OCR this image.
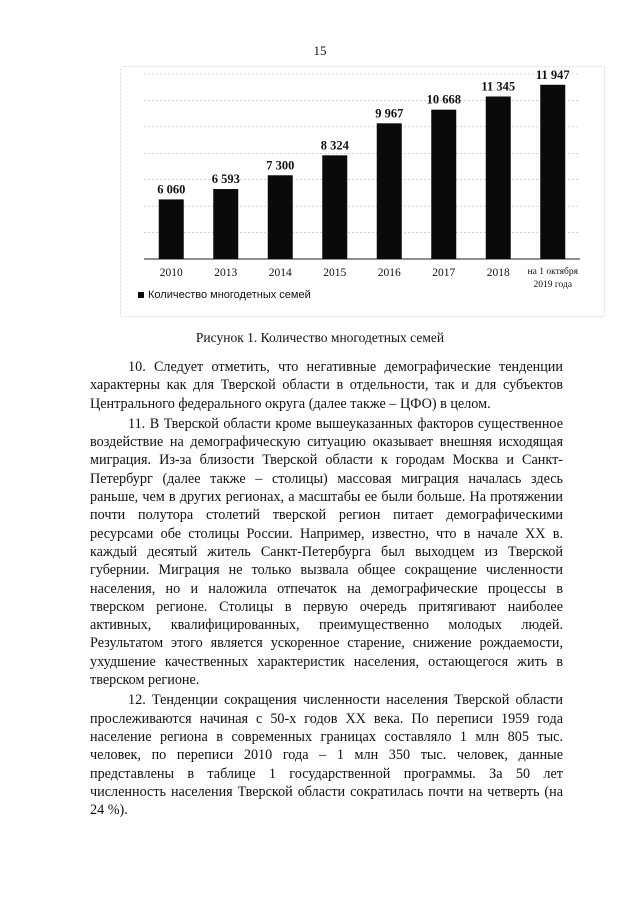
15
6 060
2010
6 593
2013
7 300
2014
8 324
2015
9 967
2016
10 668
2017
11 345
2018
11 947
на 1 октября
2019 года
Количество многодетных семей
Рисунок 1. Количество многодетных семей

10. Следует отметить, что негативные демографические тенденции характерны как для Тверской области в отдельности, так и для субъектов Центрального федерального округа (далее также – ЦФО) в целом.

11. В Тверской области кроме вышеуказанных факторов существенное воздействие на демографическую ситуацию оказывает внешняя исходящая миграция. Из-за близости Тверской области к городам Москва и Санкт-Петербург (далее также – столицы) массовая миграция началась здесь раньше, чем в других регионах, а масштабы ее были больше. На протяжении почти полутора столетий тверской регион питает демографическими ресурсами обе столицы России. Например, известно, что в начале XX в. каждый десятый житель Санкт-Петербурга был выходцем из Тверской губернии. Миграция не только вызвала общее сокращение численности населения, но и наложила отпечаток на демографические процессы в тверском регионе. Столицы в первую очередь притягивают наиболее активных, квалифицированных, преимущественно молодых людей. Результатом этого является ускоренное старение, снижение рождаемости, ухудшение качественных характеристик населения, остающегося жить в тверском регионе.

12. Тенденции сокращения численности населения Тверской области прослеживаются начиная с 50-х годов XX века. По переписи 1959 года население региона в современных границах составляло 1 млн 805 тыс. человек, по переписи 2010 года – 1 млн 350 тыс. человек, данные представлены в таблице 1 государственной программы. За 50 лет численность населения Тверской области сократилась почти на четверть (на 24 %).
